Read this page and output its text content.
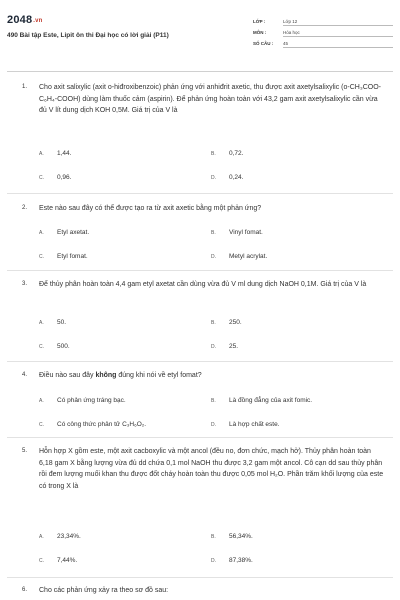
2048.vn
490 Bài tập Este, Lipit ôn thi Đại học có lời giải (P11)
LỚP :	Lớp 12
MÔN :	Hóa học
SỐ CÂU :	45
1. Cho axit salixylic (axit o-hiđroxibenzoic) phản ứng với anhiđrit axetic, thu được axit axetylsalixylic (o-CH₃COO-C₆H₄-COOH) dùng làm thuốc cảm (aspirin). Để phản ứng hoàn toàn với 43,2 gam axit axetylsalixylic cần vừa đủ V lít dung dịch KOH 0,5M. Giá trị của V là
A. 1,44.	B. 0,72.
C. 0,96.	D. 0,24.
2. Este nào sau đây có thể được tạo ra từ axit axetic bằng một phản ứng?
A. Etyl axetat.	B. Vinyl fomat.
C. Etyl fomat.	D. Metyl acrylat.
3. Để thủy phân hoàn toàn 4,4 gam etyl axetat cần dùng vừa đủ V ml dung dịch NaOH 0,1M. Giá trị của V là
A. 50.	B. 250.
C. 500.	D. 25.
4. Điều nào sau đây không đúng khi nói về etyl fomat?
A. Có phản ứng tráng bạc.	B. Là đồng đẳng của axit fomic.
C. Có công thức phân tử C₃H₆O₂.	D. Là hợp chất este.
5. Hỗn hợp X gồm este, một axit cacboxylic và một ancol (đều no, đơn chức, mạch hở). Thủy phân hoàn toàn 6,18 gam X bằng lượng vừa đủ dd chứa 0,1 mol NaOH thu được 3,2 gam một ancol. Cô cạn dd sau thủy phân rồi đem lượng muối khan thu được đốt cháy hoàn toàn thu được 0,05 mol H₂O. Phần trăm khối lượng của este có trong X là
A. 23,34%.	B. 56,34%.
C. 7,44%.	D. 87,38%.
6. Cho các phản ứng xảy ra theo sơ đồ sau:
